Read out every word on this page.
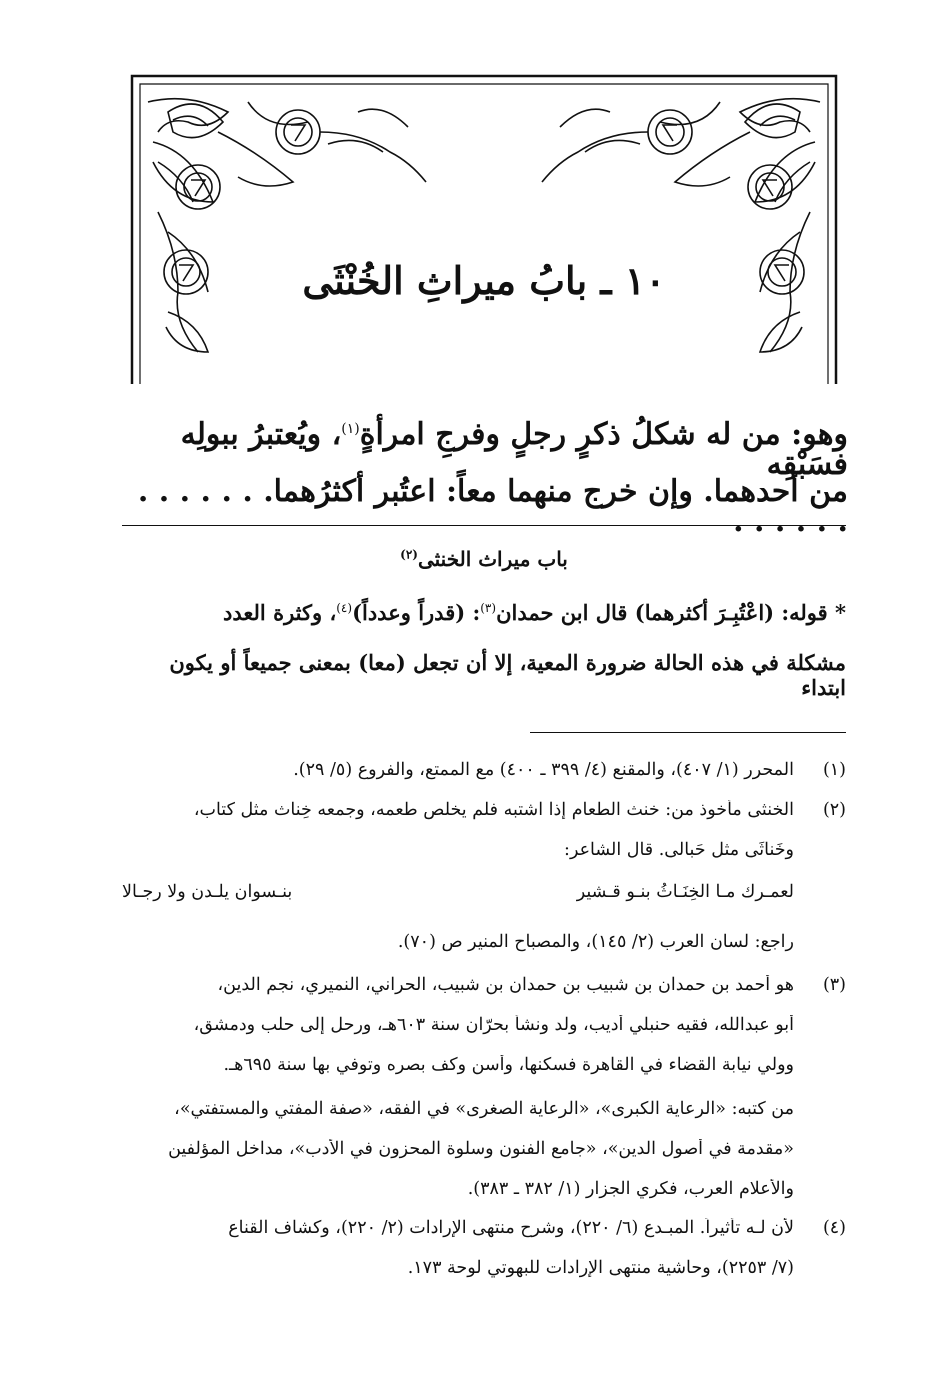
١٠ ـ بابُ ميراثِ الخُنْثَى
وهو: من له شكلُ ذكرٍ رجلٍ وفرجِ امرأةٍ$^{(١)}$، ويُعتبرُ ببولِه فسَبْقِه
من أحدهما. وإن خرج منهما معاً: اعتُبر أكثرُهما. . . . . . . . . . . . .
باب ميراث الخنثى$^{(٢)}$
* قوله: (اعْتُبِـرَ أكثرهما) قال ابن حمدان$^{(٣)}$: (قدراً وعدداً)$^{(٤)}$، وكثرة العدد
مشكلة في هذه الحالة ضرورة المعية، إلا أن تجعل (معا) بمعنى جميعاً أو يكون ابتداء
(١)
المحرر (١/ ٤٠٧)، والمقنع (٤/ ٣٩٩ ـ ٤٠٠) مع الممتع، والفروع (٥/ ٢٩).
(٢)
الخنثى مأخوذ من: خنث الطعام إذا اشتبه فلم يخلص طعمه، وجمعه خِناث مثل كتاب،
وخَناثَى مثل حَبالى. قال الشاعر:
لعمـرك مـا الخِنَـاثُ بنـو قـشير
بنـسوان يلـدن ولا رجـالا
راجع: لسان العرب (٢/ ١٤٥)، والمصباح المنير ص (٧٠).
(٣)
هو أحمد بن حمدان بن شبيب بن حمدان بن شبيب، الحراني، النميري، نجم الدين،
أبو عبدالله، فقيه حنبلي أديب، ولد ونشأ بحرّان سنة ٦٠٣هـ، ورحل إلى حلب ودمشق،
وولي نيابة القضاء في القاهرة فسكنها، وأسن وكف بصره وتوفي بها سنة ٦٩٥هـ.
من كتبه: «الرعاية الكبرى»، «الرعاية الصغرى» في الفقه، «صفة المفتي والمستفتي»،
«مقدمة في أصول الدين»، «جامع الفنون وسلوة المحزون في الأدب»، مداخل المؤلفين
والأعلام العرب، فكري الجزار (١/ ٣٨٢ ـ ٣٨٣).
(٤)
لأن لـه تأثيراً. المبـدع (٦/ ٢٢٠)، وشرح منتهى الإرادات (٢/ ٢٢٠)، وكشاف القناع
(٧/ ٢٢٥٣)، وحاشية منتهى الإرادات للبهوتي لوحة ١٧٣.
